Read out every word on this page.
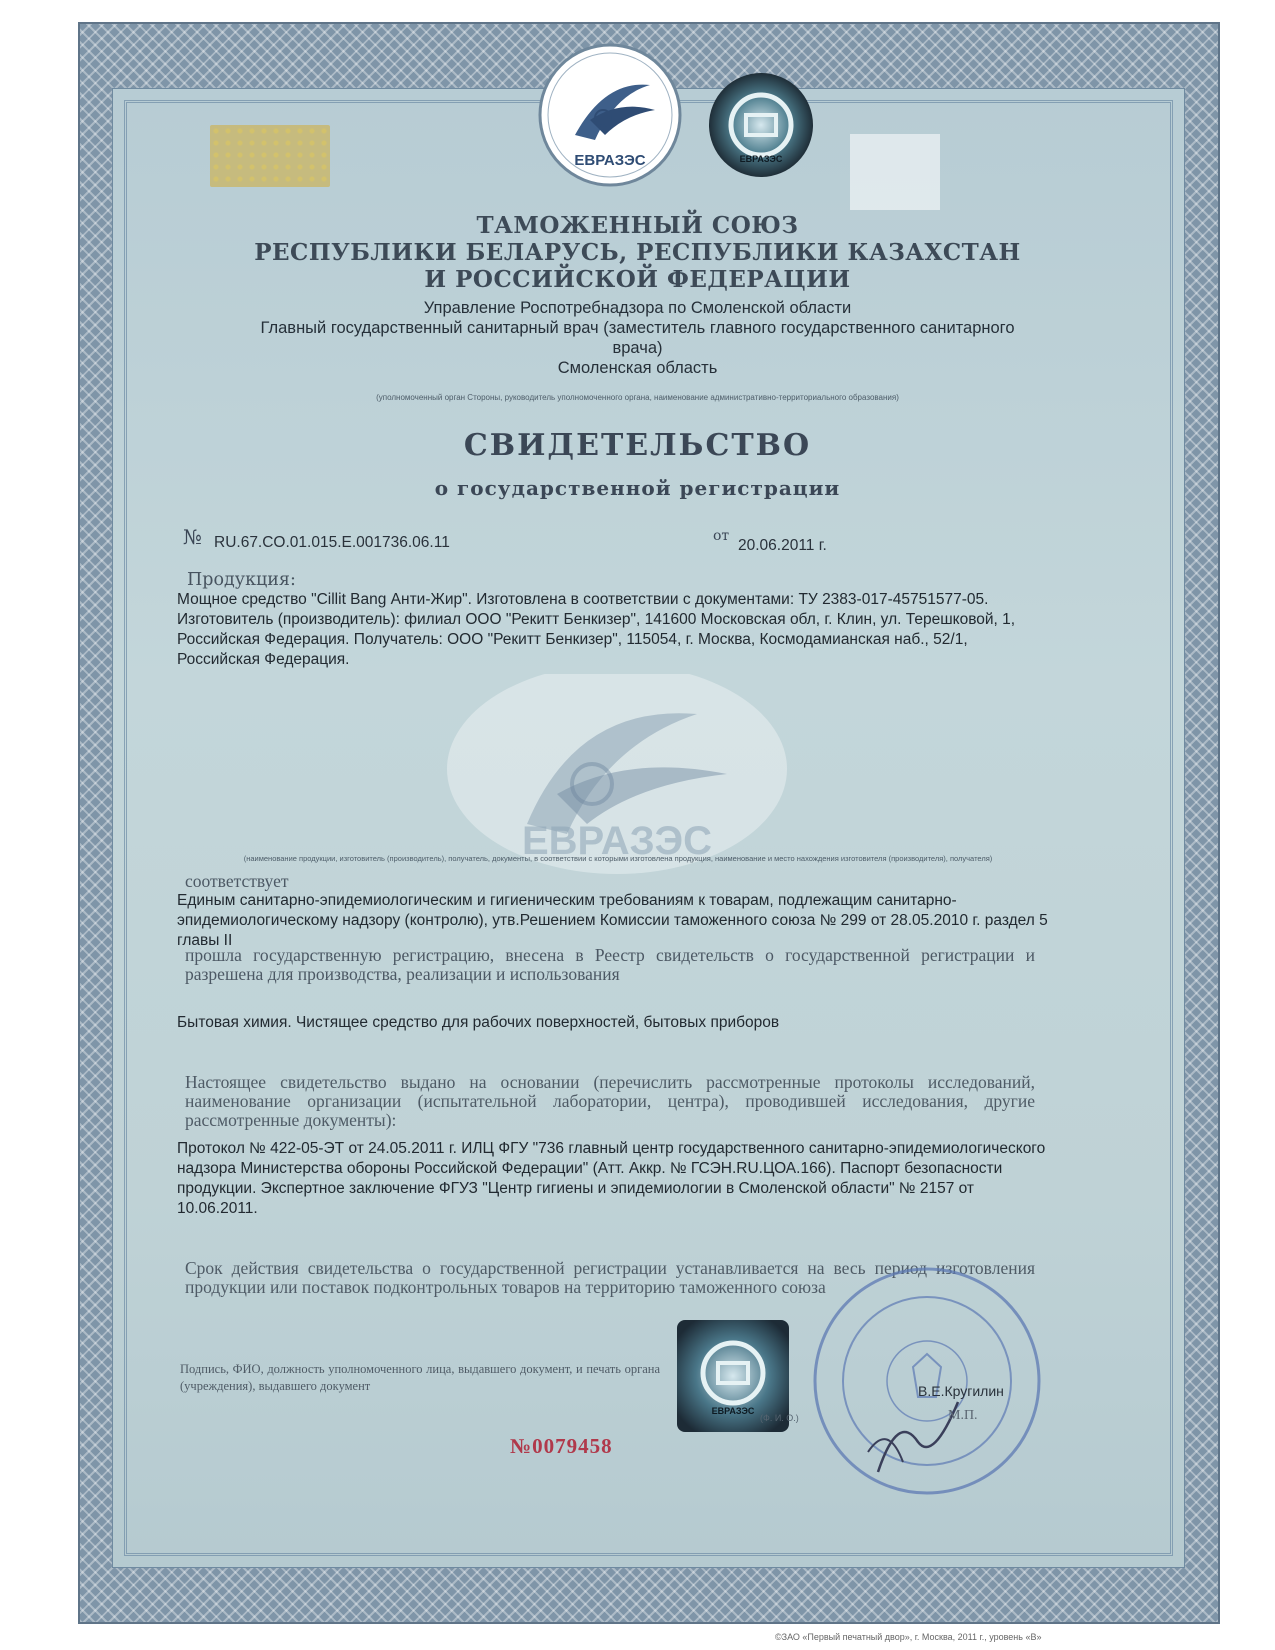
ЕВРАЗЭС	ЕВРАЗЭС
ТАМОЖЕННЫЙ СОЮЗ
РЕСПУБЛИКИ БЕЛАРУСЬ, РЕСПУБЛИКИ КАЗАХСТАН
И РОССИЙСКОЙ ФЕДЕРАЦИИ
Управление Роспотребнадзора по Смоленской области
Главный государственный санитарный врач (заместитель главного государственного санитарного
врача)
Смоленская область
(уполномоченный орган Стороны, руководитель уполномоченного органа, наименование административно-территориального образования)
СВИДЕТЕЛЬСТВО
о государственной регистрации
№ RU.67.CO.01.015.E.001736.06.11	от
20.06.2011 г.
Продукция:
Мощное средство "Cillit Bang Анти-Жир". Изготовлена в соответствии с документами: ТУ 2383-017-45751577-05. Изготовитель (производитель): филиал ООО "Рекитт Бенкизер", 141600 Московская обл, г. Клин, ул. Терешковой, 1, Российская Федерация. Получатель: ООО "Рекитт Бенкизер", 115054, г. Москва, Космодамианская наб., 52/1, Российская Федерация.
ЕВРАЗЭС
(наименование продукции, изготовитель (производитель), получатель, документы, в соответствии с которыми изготовлена продукция, наименование и место нахождения изготовителя (производителя), получателя)
соответствует
Единым санитарно-эпидемиологическим и гигиеническим требованиям к товарам, подлежащим санитарно-эпидемиологическому надзору (контролю), утв.Решением Комиссии таможенного союза № 299 от 28.05.2010 г. раздел 5 главы II
прошла государственную регистрацию, внесена в Реестр свидетельств о государственной регистрации и разрешена для производства, реализации и использования
Бытовая химия. Чистящее средство для рабочих поверхностей, бытовых приборов
Настоящее свидетельство выдано на основании (перечислить рассмотренные протоколы исследований, наименование организации (испытательной лаборатории, центра), проводившей исследования, другие рассмотренные документы):
Протокол № 422-05-ЭТ от 24.05.2011 г. ИЛЦ ФГУ "736 главный центр государственного санитарно-эпидемиологического надзора Министерства обороны Российской Федерации" (Атт. Аккр. № ГСЭН.RU.ЦОА.166). Паспорт безопасности продукции. Экспертное заключение ФГУЗ "Центр гигиены и эпидемиологии в Смоленской области" № 2157 от 10.06.2011.
Срок действия свидетельства о государственной регистрации устанавливается на весь период изготовления продукции или поставок подконтрольных товаров на территорию таможенного союза
Подпись, ФИО, должность уполномоченного лица, выдавшего документ, и печать органа (учреждения), выдавшего документ
ЕВРАЗЭС
В.Е.Кругилин
(Ф. И. О.)	М.П.
№0079458
©ЗАО «Первый печатный двор», г. Москва, 2011 г., уровень «В»
